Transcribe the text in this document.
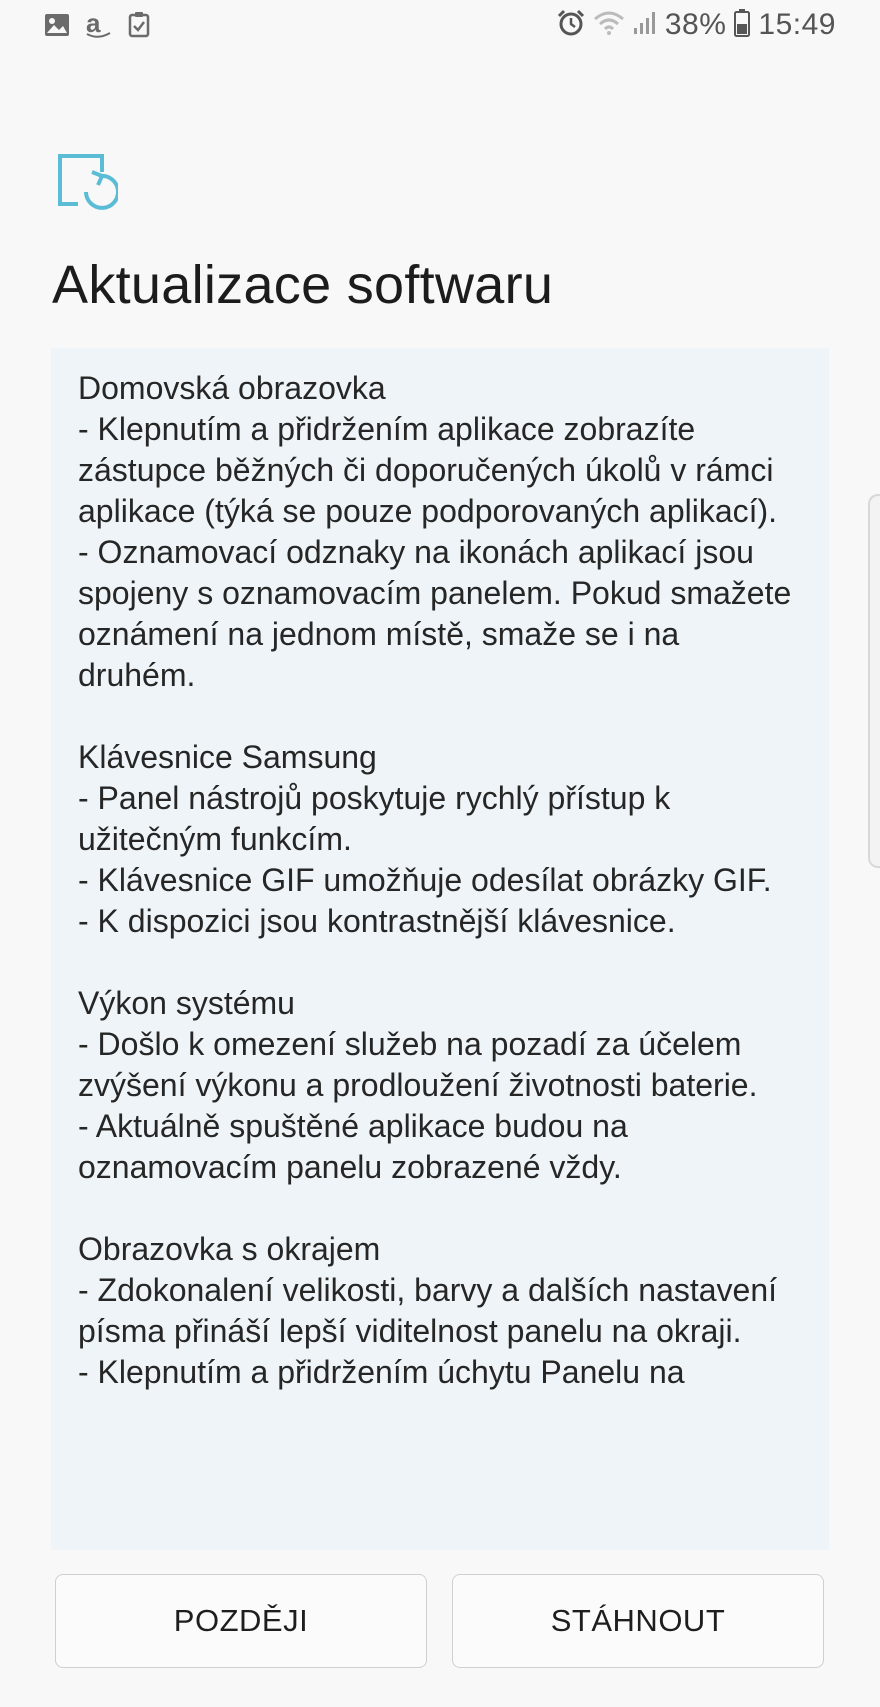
a	38% 15:49
Aktualizace softwaru
Domovská obrazovka
- Klepnutím a přidržením aplikace zobrazíte zástupce běžných či doporučených úkolů v rámci aplikace (týká se pouze podporovaných aplikací).
- Oznamovací odznaky na ikonách aplikací jsou spojeny s oznamovacím panelem. Pokud smažete oznámení na jednom místě, smaže se i na druhém.
Klávesnice Samsung
- Panel nástrojů poskytuje rychlý přístup k užitečným funkcím.
- Klávesnice GIF umožňuje odesílat obrázky GIF.
- K dispozici jsou kontrastnější klávesnice.
Výkon systému
- Došlo k omezení služeb na pozadí za účelem zvýšení výkonu a prodloužení životnosti baterie.
- Aktuálně spuštěné aplikace budou na oznamovacím panelu zobrazené vždy.
Obrazovka s okrajem
- Zdokonalení velikosti, barvy a dalších nastavení písma přináší lepší viditelnost panelu na okraji.
- Klepnutím a přidržením úchytu Panelu na
POZDĚJI	STÁHNOUT
